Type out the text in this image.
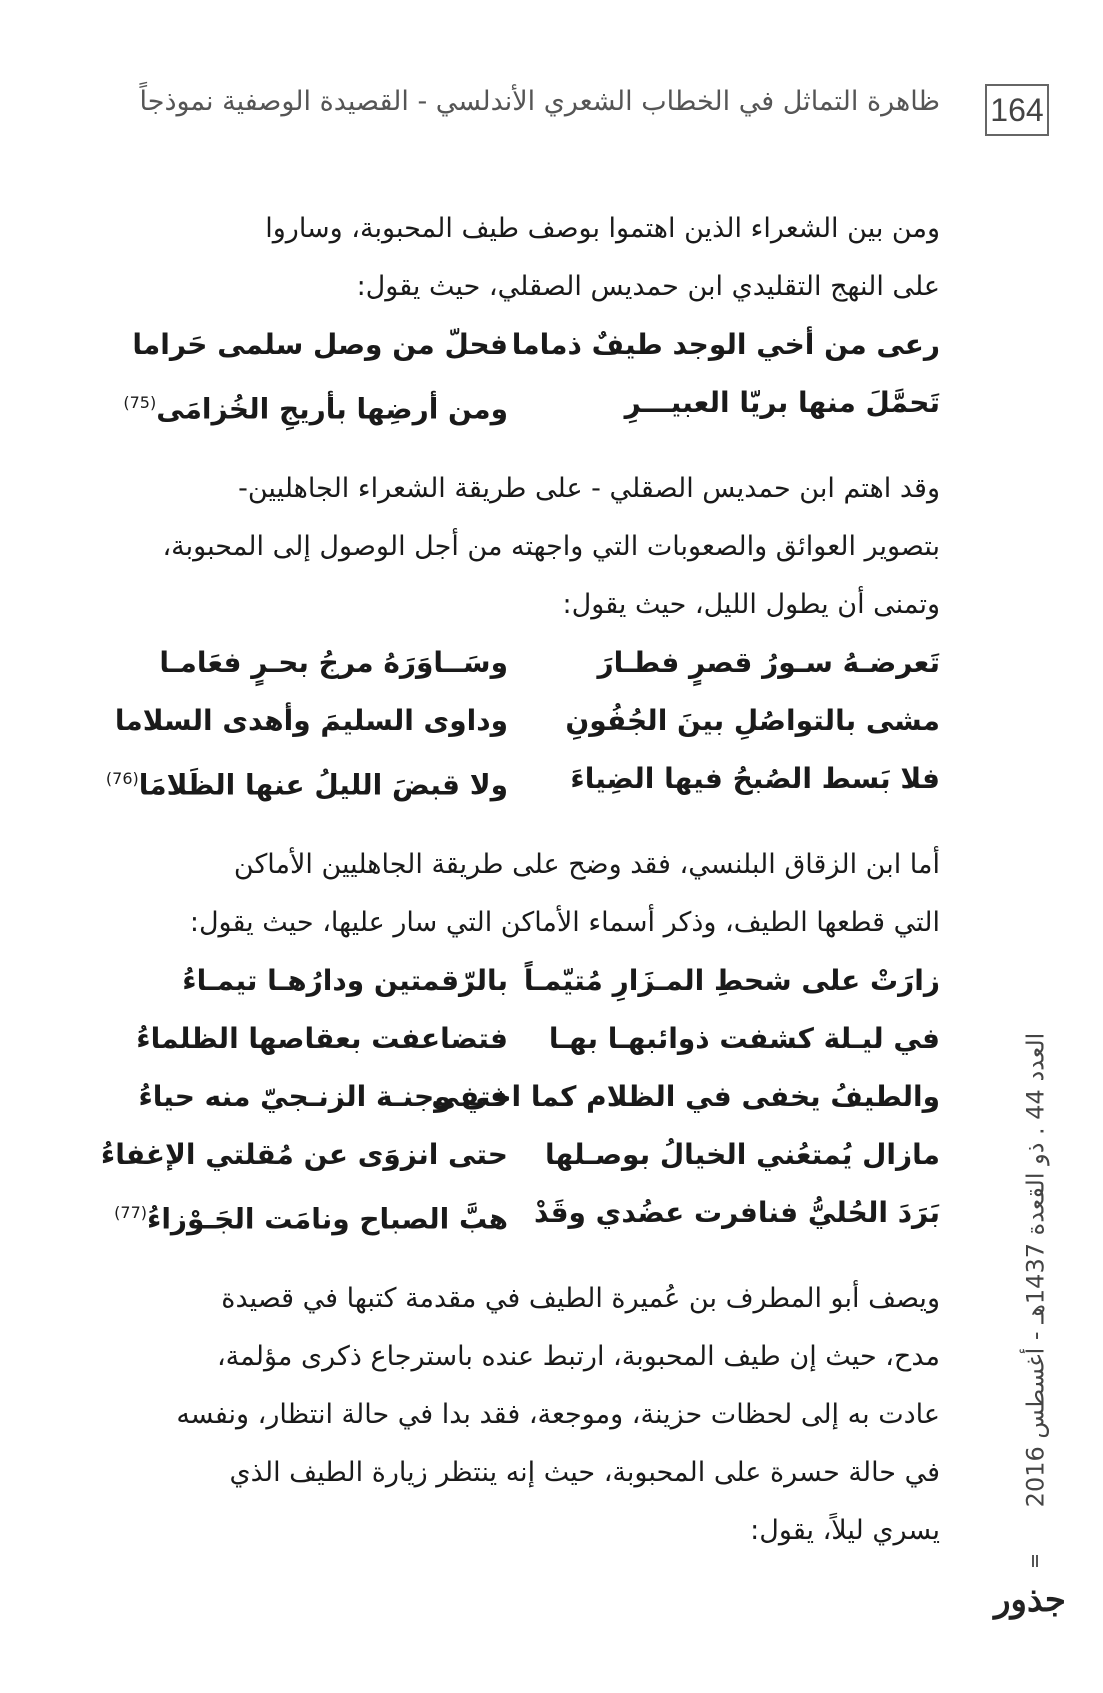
164
ظاهرة التماثل في الخطاب الشعري الأندلسي - القصيدة الوصفية نموذجاً
ومن بين الشعراء الذين اهتموا بوصف طيف المحبوبة، وساروا
على النهج التقليدي ابن حمديس الصقلي، حيث يقول:
رعى من أخي الوجد طيفٌ ذماما
فحلّ من وصل سلمى حَراما
تَحمَّلَ منها بريّا العبيـــرِ
ومن أرضِها بأريجِ الخُزامَى$^{(75)}$
وقد اهتم ابن حمديس الصقلي - على طريقة الشعراء الجاهليين-
بتصوير العوائق والصعوبات التي واجهته من أجل الوصول إلى المحبوبة،
وتمنى أن يطول الليل، حيث يقول:
تَعرضـهُ سـورُ قصرٍ فطـارَ
وسَــاوَرَهُ مرجُ بحـرٍ فعَامـا
مشى بالتواصُلِ بينَ الجُفُونِ
وداوى السليمَ وأهدى السلاما
فلا بَسط الصُبحُ فيها الضِياءَ
ولا قبضَ الليلُ عنها الظَلامَا$^{(76)}$
أما ابن الزقاق البلنسي، فقد وضح على طريقة الجاهليين الأماكن
التي قطعها الطيف، وذكر أسماء الأماكن التي سار عليها، حيث يقول:
زارَتْ على شحطِ المـزَارِ مُتيّمـاً
بالرّقمتين ودارُهـا تيمـاءُ
في ليـلة كشفت ذوائبهـا بهـا
فتضاعفت بعقاصها الظلماءُ
والطيفُ يخفى في الظلام كما اختفى
في وجنـة الزنـجيّ منه حياءُ
مازال يُمتعُني الخيالُ بوصـلها
حتى انزوَى عن مُقلتي الإغفاءُ
بَرَدَ الحُليُّ فنافرت عضُدي وقَدْ
هبَّ الصباح ونامَت الجَـوْزاءُ$^{(77)}$
ويصف أبو المطرف بن عُميرة الطيف في مقدمة كتبها في قصيدة
مدح، حيث إن طيف المحبوبة، ارتبط عنده باسترجاع ذكرى مؤلمة،
عادت به إلى لحظات حزينة، وموجعة، فقد بدا في حالة انتظار، ونفسه
في حالة حسرة على المحبوبة، حيث إنه ينتظر زيارة الطيف الذي
يسري ليلاً، يقول:
العدد 44 . ذو القعدة 1437هـ - أغسطس 2016
جذور
